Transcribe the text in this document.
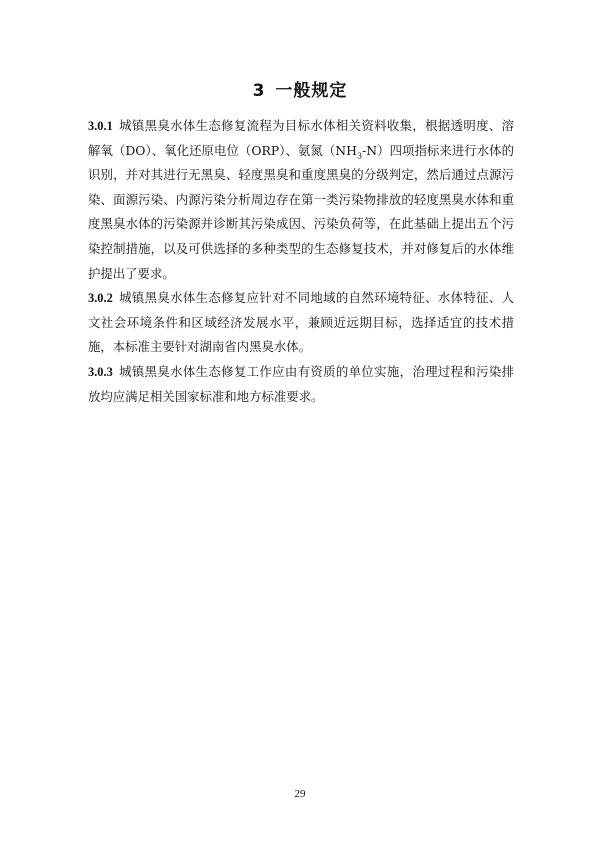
3 一般规定

3.0.1 城镇黑臭水体生态修复流程为目标水体相关资料收集，根据透明度、溶解氧（DO）、氧化还原电位（ORP）、氨氮$(NH_3-N)$四项指标来进行水体的识别，并对其进行无黑臭、轻度黑臭和重度黑臭的分级判定，然后通过点源污染、面源污染、内源污染分析周边存在第一类污染物排放的轻度黑臭水体和重度黑臭水体的污染源并诊断其污染成因、污染负荷等，在此基础上提出五个污染控制措施，以及可供选择的多种类型的生态修复技术，并对修复后的水体维护提出了要求。

3.0.2 城镇黑臭水体生态修复应针对不同地域的自然环境特征、水体特征、人文社会环境条件和区域经济发展水平，兼顾近远期目标，选择适宜的技术措施，本标准主要针对湖南省内黑臭水体。

3.0.3 城镇黑臭水体生态修复工作应由有资质的单位实施，治理过程和污染排放均应满足相关国家标准和地方标准要求。

29
